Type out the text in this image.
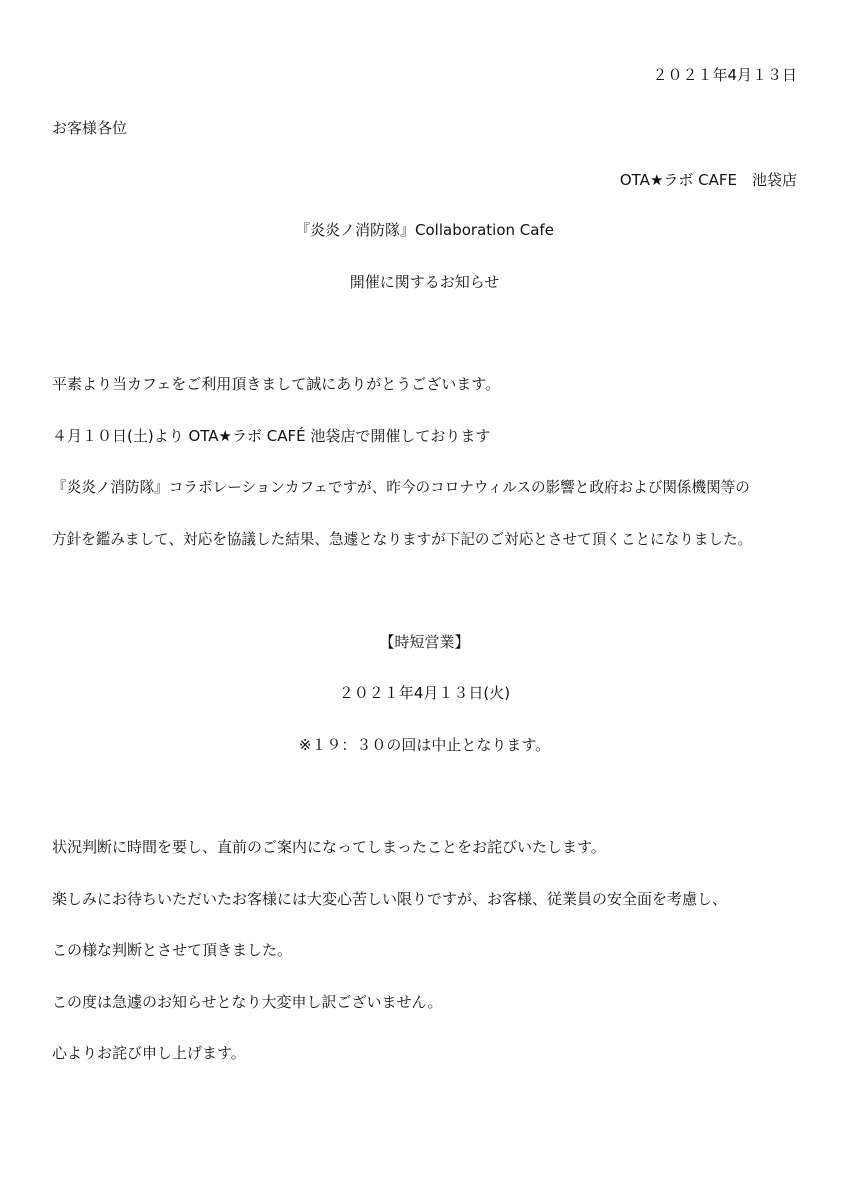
２０２１年4月１３日

お客様各位

OTA★ラボ CAFE　池袋店

『炎炎ノ消防隊』Collaboration Cafe

開催に関するお知らせ

平素より当カフェをご利用頂きまして誠にありがとうございます。

４月１０日(土)より OTA★ラボ CAFÉ 池袋店で開催しております

『炎炎ノ消防隊』コラボレーションカフェですが、昨今のコロナウィルスの影響と政府および関係機関等の

方針を鑑みまして、対応を協議した結果、急遽となりますが下記のご対応とさせて頂くことになりました。

【時短営業】

２０２１年4月１３日(火)

※１９：３０の回は中止となります。

状況判断に時間を要し、直前のご案内になってしまったことをお詫びいたします。

楽しみにお待ちいただいたお客様には大変心苦しい限りですが、お客様、従業員の安全面を考慮し、

この様な判断とさせて頂きました。

この度は急遽のお知らせとなり大変申し訳ございません。

心よりお詫び申し上げます。
